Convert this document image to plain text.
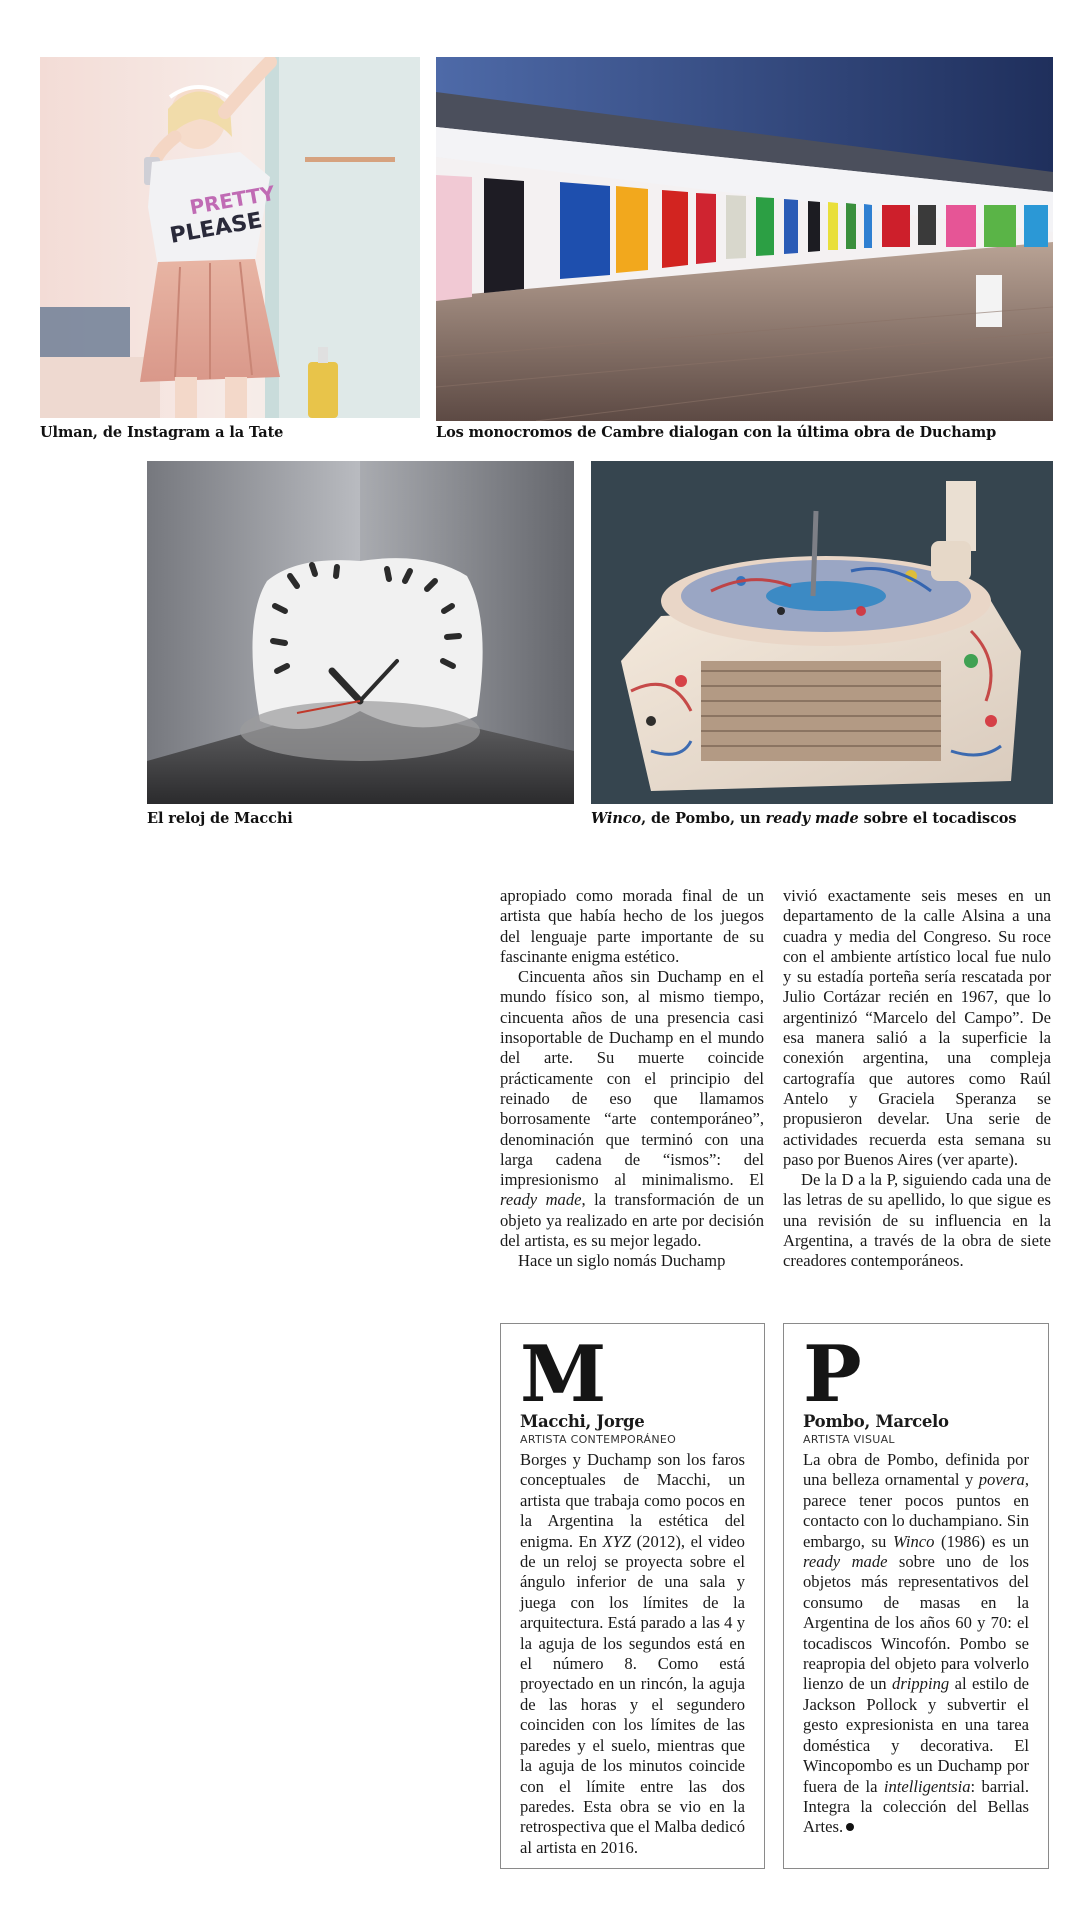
PRETTY
PLEASE
Ulman, de Instagram a la Tate	Los monocromos de Cambre dialogan con la última obra de Duchamp
El reloj de Macchi	Winco, de Pombo, un ready made sobre el tocadiscos

apropiado como morada final de un artista que había hecho de los juegos del lenguaje parte importante de su fascinante enigma estético.

Cincuenta años sin Duchamp en el mundo físico son, al mismo tiempo, cincuenta años de una presencia casi insoportable de Duchamp en el mundo del arte. Su muerte coincide prácticamente con el principio del reinado de eso que llamamos borrosamente “arte contemporáneo”, denominación que terminó con una larga cadena de “ismos”: del impresionismo al minimalismo. El ready made, la transformación de un objeto ya realizado en arte por decisión del artista, es su mejor legado.

Hace un siglo nomás Duchamp

vivió exactamente seis meses en un departamento de la calle Alsina a una cuadra y media del Congreso. Su roce con el ambiente artístico local fue nulo y su estadía porteña sería rescatada por Julio Cortázar recién en 1967, que lo argentinizó “Marcelo del Campo”. De esa manera salió a la superficie la conexión argentina, una compleja cartografía que autores como Raúl Antelo y Graciela Speranza se propusieron develar. Una serie de actividades recuerda esta semana su paso por Buenos Aires (ver aparte).

De la D a la P, siguiendo cada una de las letras de su apellido, lo que sigue es una revisión de su influencia en la Argentina, a través de la obra de siete creadores contemporáneos.

M
Macchi, Jorge
ARTISTA CONTEMPORÁNEO
Borges y Duchamp son los faros conceptuales de Macchi, un artista que trabaja como pocos en la Argentina la estética del enigma. En XYZ (2012), el video de un reloj se proyecta sobre el ángulo inferior de una sala y juega con los límites de la arquitectura. Está parado a las 4 y la aguja de los segundos está en el número 8. Como está proyectado en un rincón, la aguja de las horas y el segundero coinciden con los límites de las paredes y el suelo, mientras que la aguja de los minutos coincide con el límite entre las dos paredes. Esta obra se vio en la retrospectiva que el Malba dedicó al artista en 2016.
P
Pombo, Marcelo
ARTISTA VISUAL
La obra de Pombo, definida por una belleza ornamental y povera, parece tener pocos puntos en contacto con lo duchampiano. Sin embargo, su Winco (1986) es un ready made sobre uno de los objetos más representativos del consumo de masas en la Argentina de los años 60 y 70: el tocadiscos Wincofón. Pombo se reapropia del objeto para volverlo lienzo de un dripping al estilo de Jackson Pollock y subvertir el gesto expresionista en una tarea doméstica y decorativa. El Wincopombo es un Duchamp por fuera de la intelligentsia: barrial. Integra la colección del Bellas Artes.
